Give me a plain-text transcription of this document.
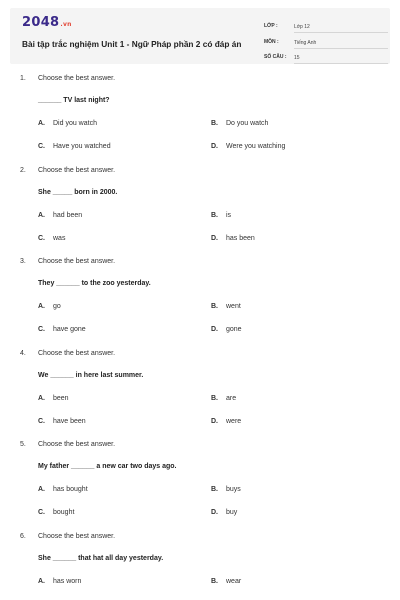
2048.vn
Bài tập trắc nghiệm Unit 1 - Ngữ Pháp phần 2 có đáp án
LỚP :	Lớp 12
MÔN :	Tiếng Anh
SỐ CÂU : 15
1. Choose the best answer.
______ TV last night?
A. Did you watch	B. Do you watch
C. Have you watched	D. Were you watching
2. Choose the best answer.
She _____ born in 2000.
A. had been	B. is
C. was	D. has been
3. Choose the best answer.
They ______ to the zoo yesterday.
A. go	B. went
C. have gone	D. gone
4. Choose the best answer.
We ______ in here last summer.
A. been	B. are
C. have been	D. were
5. Choose the best answer.
My father ______ a new car two days ago.
A. has bought	B. buys
C. bought	D. buy
6. Choose the best answer.
She ______ that hat all day yesterday.
A. has worn	B. wear
